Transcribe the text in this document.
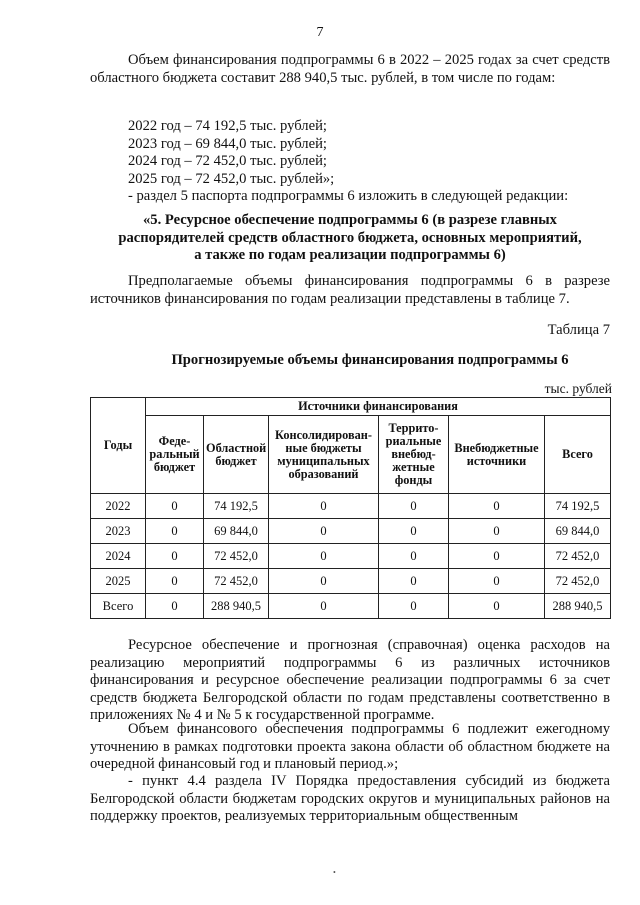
7

Объем финансирования подпрограммы 6 в 2022 – 2025 годах за счет средств областного бюджета составит 288 940,5 тыс. рублей, в том числе по годам:

2022 год – 74 192,5 тыс. рублей;
2023 год – 69 844,0 тыс. рублей;
2024 год – 72 452,0 тыс. рублей;
2025 год – 72 452,0 тыс. рублей»;
- раздел 5 паспорта подпрограммы 6 изложить в следующей редакции:
«5. Ресурсное обеспечение подпрограммы 6 (в разрезе главных
распорядителей средств областного бюджета, основных мероприятий,
а также по годам реализации подпрограммы 6)

Предполагаемые объемы финансирования подпрограммы 6 в разрезе источников финансирования по годам реализации представлены в таблице 7.

Таблица 7
Прогнозируемые объемы финансирования подпрограммы 6
тыс. рублей
Годы	Источники финансирования					
	Феде-ральный бюджет	Областной бюджет	Консолидирован-ные бюджеты муниципальных образований	Террито-риальные внебюд-жетные фонды	Внебюджетные источники	Всего
2022	0	74 192,5	0	0	0	74 192,5
2023	0	69 844,0	0	0	0	69 844,0
2024	0	72 452,0	0	0	0	72 452,0
2025	0	72 452,0	0	0	0	72 452,0
Всего	0	288 940,5	0	0	0	288 940,5

Ресурсное обеспечение и прогнозная (справочная) оценка расходов на реализацию мероприятий подпрограммы 6 из различных источников финансирования и ресурсное обеспечение реализации подпрограммы 6 за счет средств бюджета Белгородской области по годам представлены соответственно в приложениях № 4 и № 5 к государственной программе.

Объем финансового обеспечения подпрограммы 6 подлежит ежегодному уточнению в рамках подготовки проекта закона области об областном бюджете на очередной финансовый год и плановый период.»;

- пункт 4.4 раздела IV Порядка предоставления субсидий из бюджета Белгородской области бюджетам городских округов и муниципальных районов на поддержку проектов, реализуемых территориальным общественным

•
